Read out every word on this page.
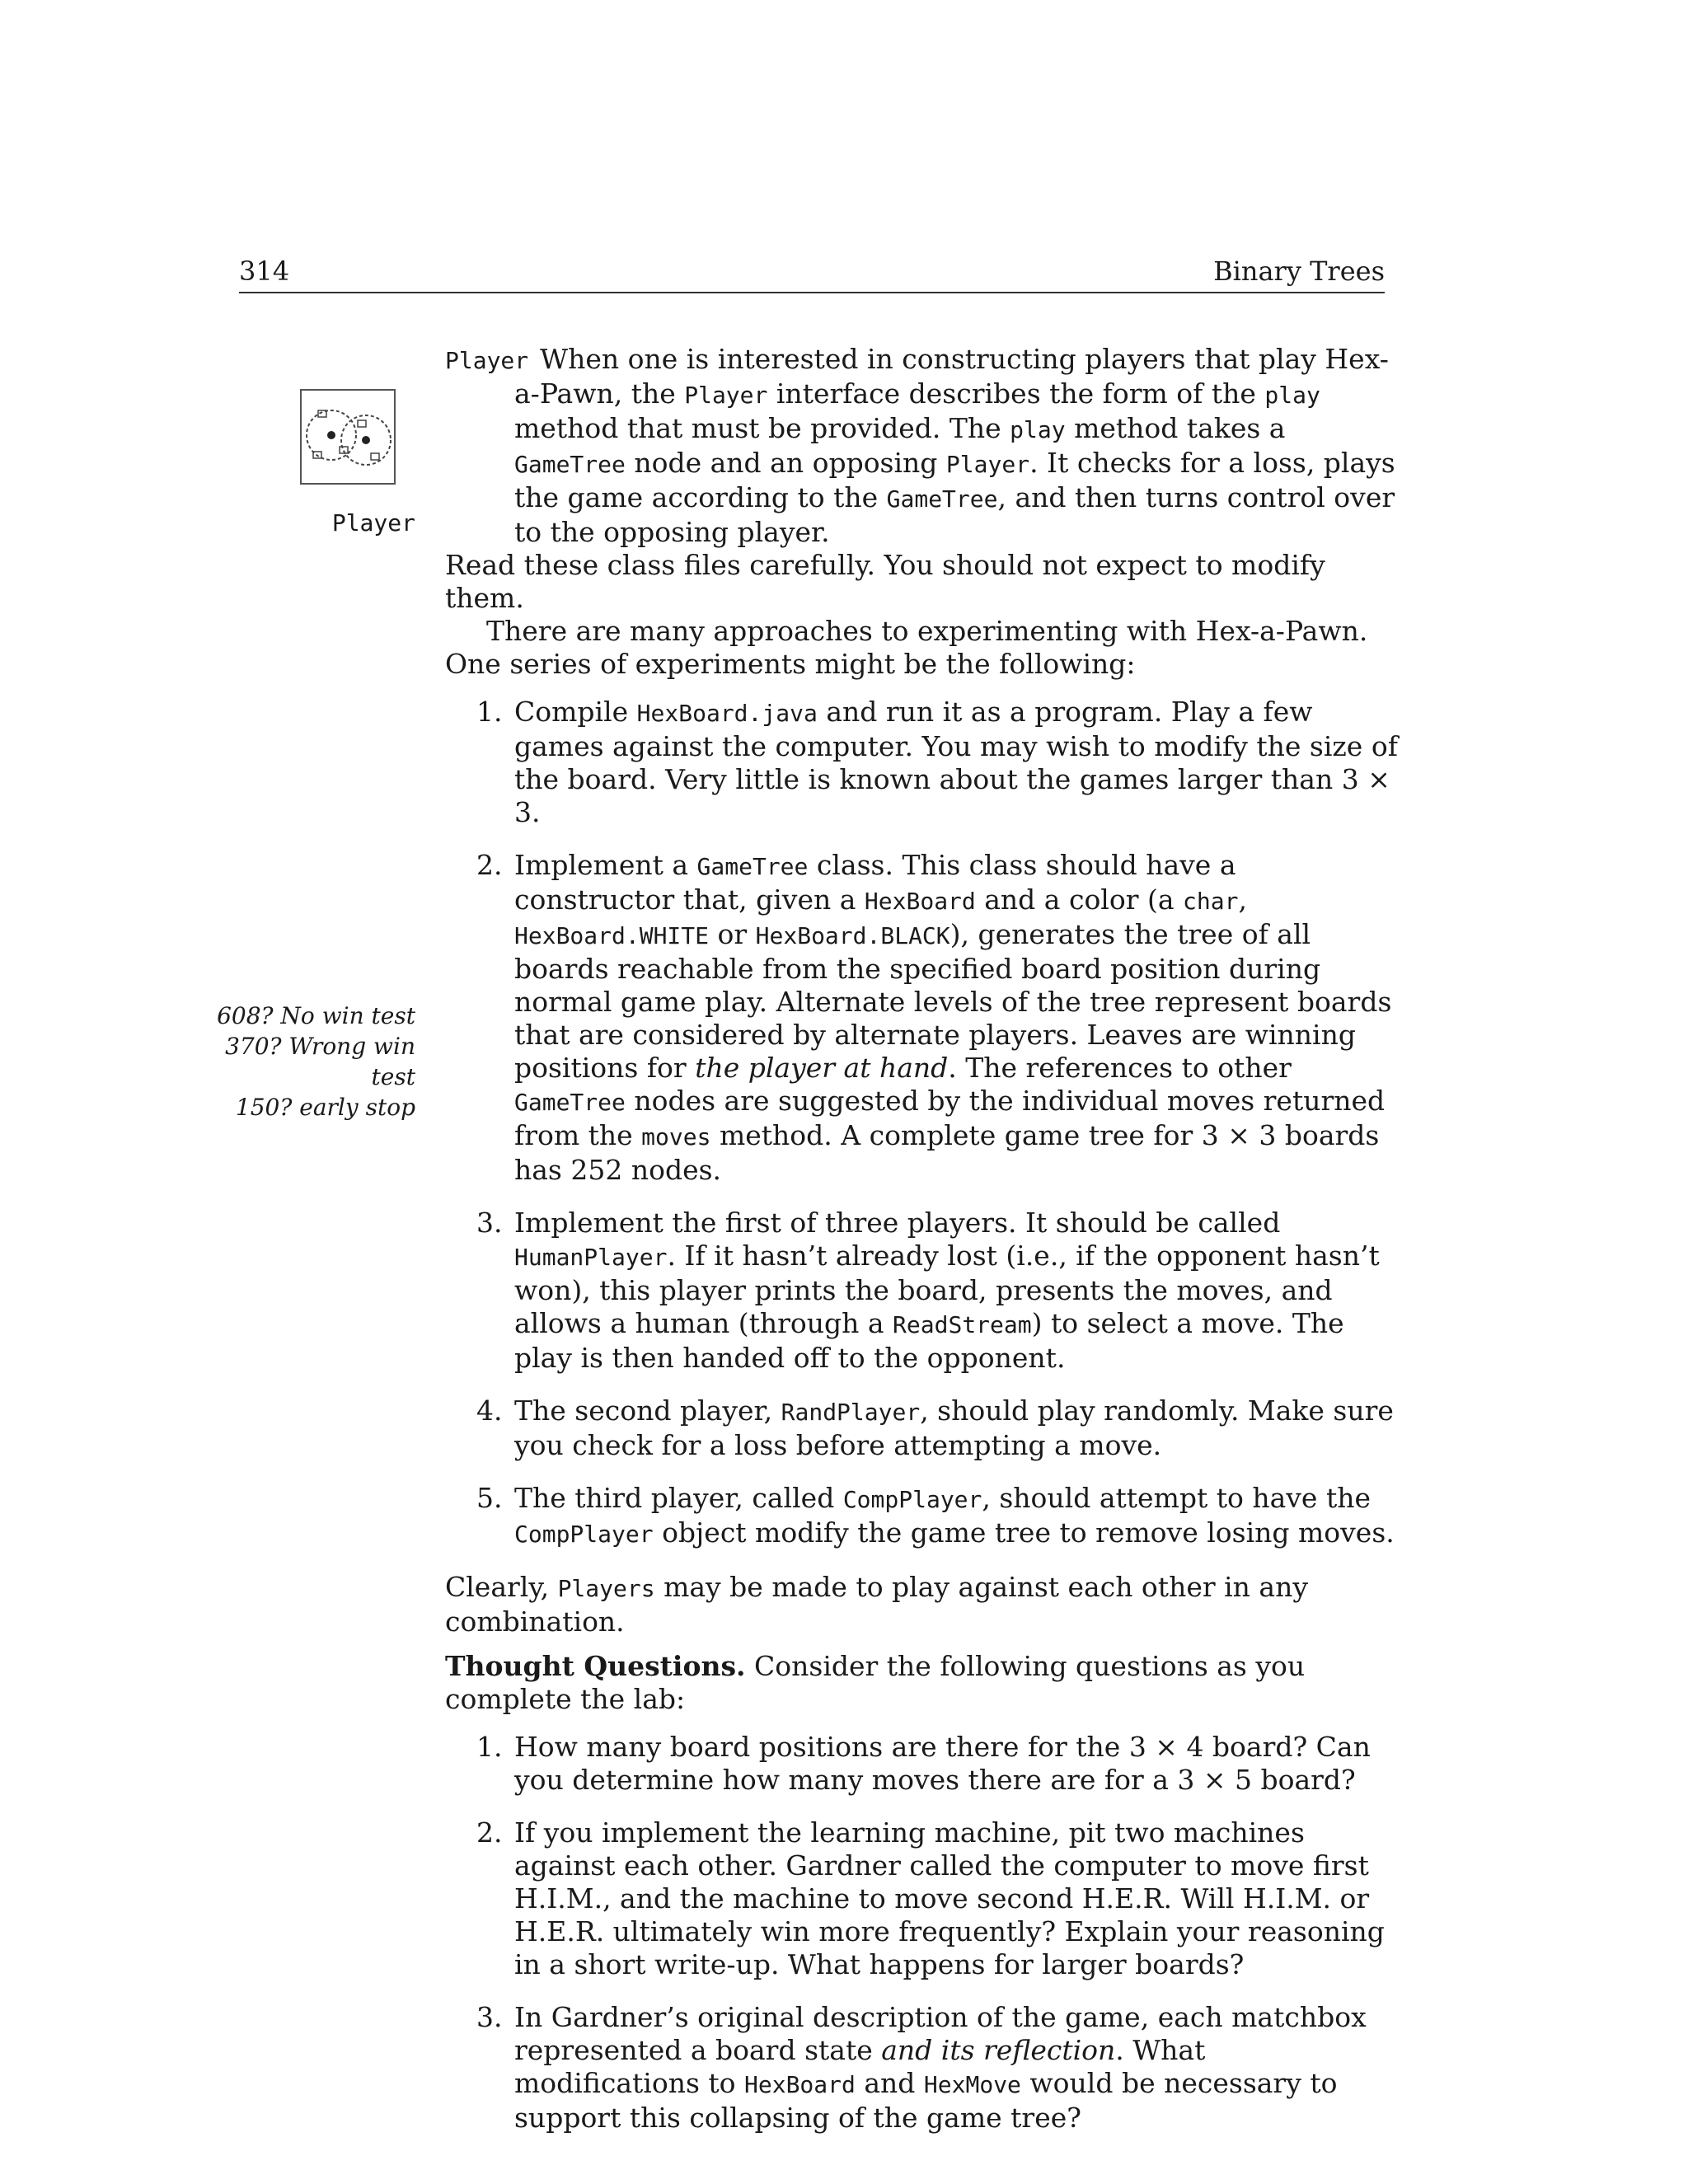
314	Binary Trees
Player
608? No win test
370? Wrong win test
150? early stop

Player When one is interested in constructing players that play Hex-a-Pawn, the Player interface describes the form of the play method that must be provided. The play method takes a GameTree node and an opposing Player. It checks for a loss, plays the game according to the GameTree, and then turns control over to the opposing player.

Read these class files carefully. You should not expect to modify them.

There are many approaches to experimenting with Hex-a-Pawn. One series of experiments might be the following:

1. Compile HexBoard.java and run it as a program. Play a few games against the computer. You may wish to modify the size of the board. Very little is known about the games larger than 3 × 3.
2. Implement a GameTree class. This class should have a constructor that, given a HexBoard and a color (a char, HexBoard.WHITE or HexBoard.BLACK), generates the tree of all boards reachable from the specified board position during normal game play. Alternate levels of the tree represent boards that are considered by alternate players. Leaves are winning positions for the player at hand. The references to other GameTree nodes are suggested by the individual moves returned from the moves method. A complete game tree for 3 × 3 boards has 252 nodes.
3. Implement the first of three players. It should be called HumanPlayer. If it hasn’t already lost (i.e., if the opponent hasn’t won), this player prints the board, presents the moves, and allows a human (through a ReadStream) to select a move. The play is then handed off to the opponent.
4. The second player, RandPlayer, should play randomly. Make sure you check for a loss before attempting a move.
5. The third player, called CompPlayer, should attempt to have the CompPlayer object modify the game tree to remove losing moves.

Clearly, Players may be made to play against each other in any combination.

Thought Questions. Consider the following questions as you complete the lab:

1. How many board positions are there for the 3 × 4 board? Can you determine how many moves there are for a 3 × 5 board?
2. If you implement the learning machine, pit two machines against each other. Gardner called the computer to move first H.I.M., and the machine to move second H.E.R. Will H.I.M. or H.E.R. ultimately win more frequently? Explain your reasoning in a short write-up. What happens for larger boards?
3. In Gardner’s original description of the game, each matchbox represented a board state and its reflection. What modifications to HexBoard and HexMove would be necessary to support this collapsing of the game tree?
